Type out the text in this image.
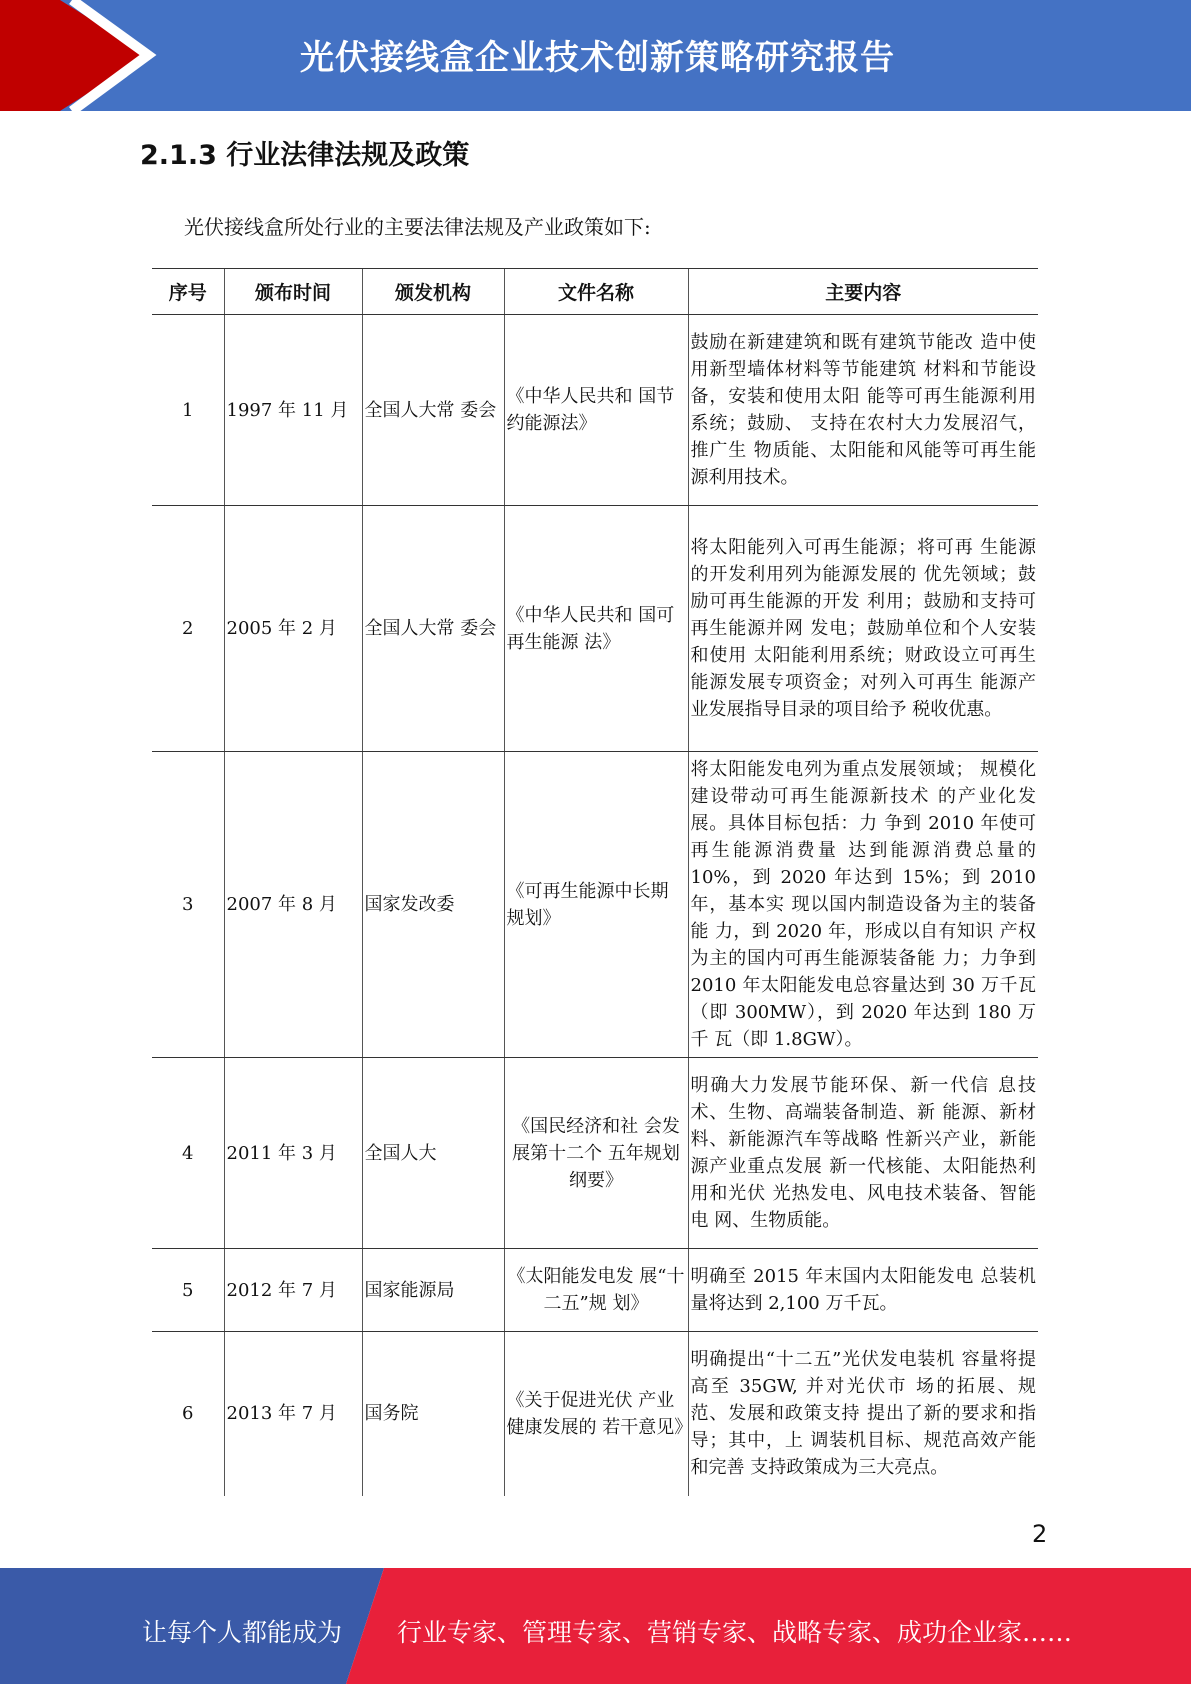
光伏接线盒企业技术创新策略研究报告
2.1.3 行业法律法规及政策
光伏接线盒所处行业的主要法律法规及产业政策如下:
序号	颁布时间	颁发机构	文件名称	主要内容
1	1997 年 11 月	全国人大常 委会	《中华人民共和 国节约能源法》	鼓励在新建建筑和既有建筑节能改 造中使用新型墙体材料等节能建筑 材料和节能设备，安装和使用太阳 能等可再生能源利用系统；鼓励、 支持在农村大力发展沼气，推广生 物质能、太阳能和风能等可再生能 源利用技术。
2	2005 年 2 月	全国人大常 委会	《中华人民共和 国可再生能源 法》	将太阳能列入可再生能源；将可再 生能源的开发利用列为能源发展的 优先领域；鼓励可再生能源的开发 利用；鼓励和支持可再生能源并网 发电；鼓励单位和个人安装和使用 太阳能利用系统；财政设立可再生 能源发展专项资金；对列入可再生 能源产业发展指导目录的项目给予 税收优惠。
3	2007 年 8 月	国家发改委	《可再生能源中长期规划》	将太阳能发电列为重点发展领域； 规模化建设带动可再生能源新技术 的产业化发展。具体目标包括：力 争到 2010 年使可再生能源消费量 达到能源消费总量的 10%，到 2020 年达到 15%；到 2010 年，基本实 现以国内制造设备为主的装备能 力，到 2020 年，形成以自有知识 产权为主的国内可再生能源装备能 力；力争到 2010 年太阳能发电总容量达到 30 万千瓦（即 300MW），到 2020 年达到 180 万千 瓦（即 1.8GW）。
4	2011 年 3 月	全国人大	《国民经济和社 会发展第十二个 五年规划纲要》	明确大力发展节能环保、新一代信 息技术、生物、高端装备制造、新 能源、新材料、新能源汽车等战略 性新兴产业，新能源产业重点发展 新一代核能、太阳能热利用和光伏 光热发电、风电技术装备、智能电 网、生物质能。
5	2012 年 7 月	国家能源局	《太阳能发电发 展“十二五”规 划》	明确至 2015 年末国内太阳能发电 总装机量将达到 2,100 万千瓦。
6	2013 年 7 月	国务院	《关于促进光伏 产业健康发展的 若干意见》	明确提出“十二五”光伏发电装机 容量将提高至 35GW, 并对光伏市 场的拓展、规范、发展和政策支持 提出了新的要求和指导；其中，上 调装机目标、规范高效产能和完善 支持政策成为三大亮点。
2
让每个人都能成为 行业专家、管理专家、营销专家、战略专家、成功企业家……
